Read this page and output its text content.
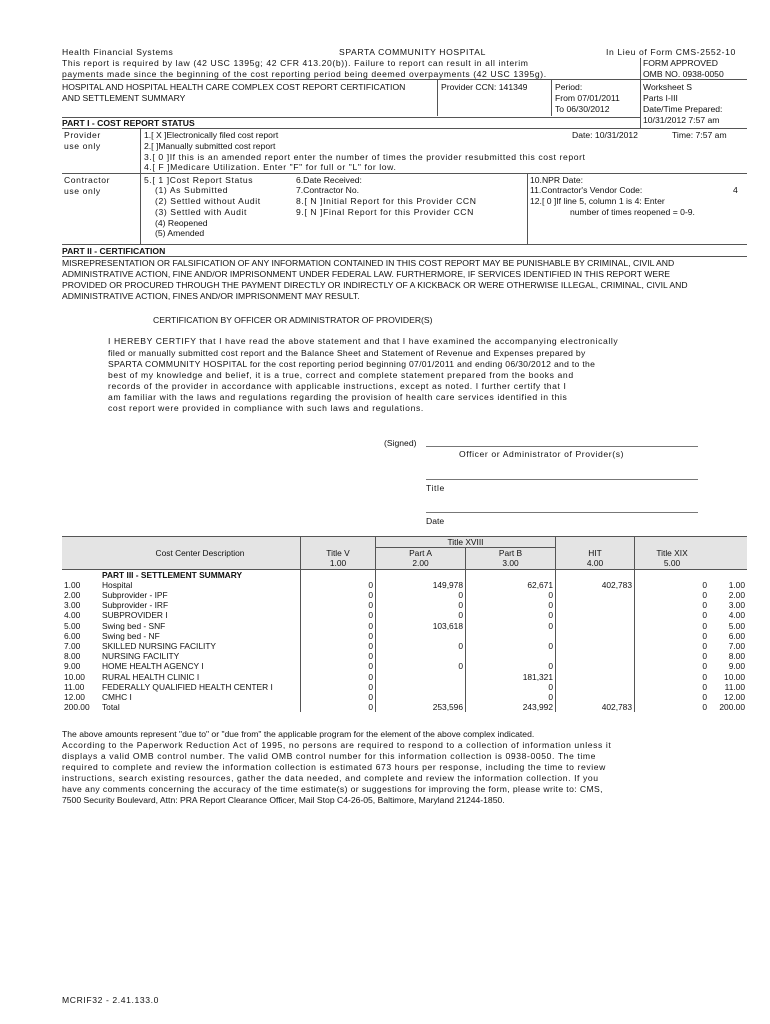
Health Financial Systems	SPARTA COMMUNITY HOSPITAL	In Lieu of Form CMS-2552-10
This report is required by law (42 USC 1395g; 42 CFR 413.20(b)). Failure to report can result in all interim
payments made since the beginning of the cost reporting period being deemed overpayments (42 USC 1395g).
FORM APPROVED
OMB NO. 0938-0050
HOSPITAL AND HOSPITAL HEALTH CARE COMPLEX COST REPORT CERTIFICATION
AND SETTLEMENT SUMMARY
Provider CCN: 141349	Period:
From 07/01/2011
To 06/30/2012
Worksheet S
Parts I-III
Date/Time Prepared:
10/31/2012 7:57 am
PART I - COST REPORT STATUS
Provider
use only
1.[ X ]Electronically filed cost report	Date: 10/31/2012	Time: 7:57 am
2.[ ]Manually submitted cost report
3.[ 0 ]If this is an amended report enter the number of times the provider resubmitted this cost report
4.[ F ]Medicare Utilization. Enter "F" for full or "L" for low.
Contractor
use only
5.[ 1 ]Cost Report Status
(1) As Submitted
(2) Settled without Audit
(3) Settled with Audit
(4) Reopened
(5) Amended
6.Date Received:
7.Contractor No.
8.[ N ]Initial Report for this Provider CCN
9.[ N ]Final Report for this Provider CCN
10.NPR Date:
11.Contractor's Vendor Code:	4
12.[ 0 ]If line 5, column 1 is 4: Enter
number of times reopened = 0-9.
PART II - CERTIFICATION
MISREPRESENTATION OR FALSIFICATION OF ANY INFORMATION CONTAINED IN THIS COST REPORT MAY BE PUNISHABLE BY CRIMINAL, CIVIL AND
ADMINISTRATIVE ACTION, FINE AND/OR IMPRISONMENT UNDER FEDERAL LAW. FURTHERMORE, IF SERVICES IDENTIFIED IN THIS REPORT WERE
PROVIDED OR PROCURED THROUGH THE PAYMENT DIRECTLY OR INDIRECTLY OF A KICKBACK OR WERE OTHERWISE ILLEGAL, CRIMINAL, CIVIL AND
ADMINISTRATIVE ACTION, FINES AND/OR IMPRISONMENT MAY RESULT.
CERTIFICATION BY OFFICER OR ADMINISTRATOR OF PROVIDER(S)
I HEREBY CERTIFY that I have read the above statement and that I have examined the accompanying electronically
filed or manually submitted cost report and the Balance Sheet and Statement of Revenue and Expenses prepared by
SPARTA COMMUNITY HOSPITAL for the cost reporting period beginning 07/01/2011 and ending 06/30/2012 and to the
best of my knowledge and belief, it is a true, correct and complete statement prepared from the books and
records of the provider in accordance with applicable instructions, except as noted. I further certify that I
am familiar with the laws and regulations regarding the provision of health care services identified in this
cost report were provided in compliance with such laws and regulations.
(Signed)
Officer or Administrator of Provider(s)
Title
Date
			Title XVIII				
	Cost Center Description	Title V	Part A	Part B	HIT	Title XIX	
		1.00	2.00	3.00	4.00	5.00	
	PART III - SETTLEMENT SUMMARY						
1.00	Hospital	0	149,978	62,671	402,783	0	1.00
2.00	Subprovider - IPF	0	0	0		0	2.00
3.00	Subprovider - IRF	0	0	0		0	3.00
4.00	SUBPROVIDER I	0	0	0		0	4.00
5.00	Swing bed - SNF	0	103,618	0		0	5.00
6.00	Swing bed - NF	0				0	6.00
7.00	SKILLED NURSING FACILITY	0	0	0		0	7.00
8.00	NURSING FACILITY	0				0	8.00
9.00	HOME HEALTH AGENCY I	0	0	0		0	9.00
10.00	RURAL HEALTH CLINIC I	0		181,321		0	10.00
11.00	FEDERALLY QUALIFIED HEALTH CENTER I	0		0		0	11.00
12.00	CMHC I	0		0		0	12.00
200.00	Total	0	253,596	243,992	402,783	0	200.00
The above amounts represent "due to" or "due from" the applicable program for the element of the above complex indicated.
According to the Paperwork Reduction Act of 1995, no persons are required to respond to a collection of information unless it
displays a valid OMB control number. The valid OMB control number for this information collection is 0938-0050. The time
required to complete and review the information collection is estimated 673 hours per response, including the time to review
instructions, search existing resources, gather the data needed, and complete and review the information collection. If you
have any comments concerning the accuracy of the time estimate(s) or suggestions for improving the form, please write to: CMS,
7500 Security Boulevard, Attn: PRA Report Clearance Officer, Mail Stop C4-26-05, Baltimore, Maryland 21244-1850.
MCRIF32 - 2.41.133.0
